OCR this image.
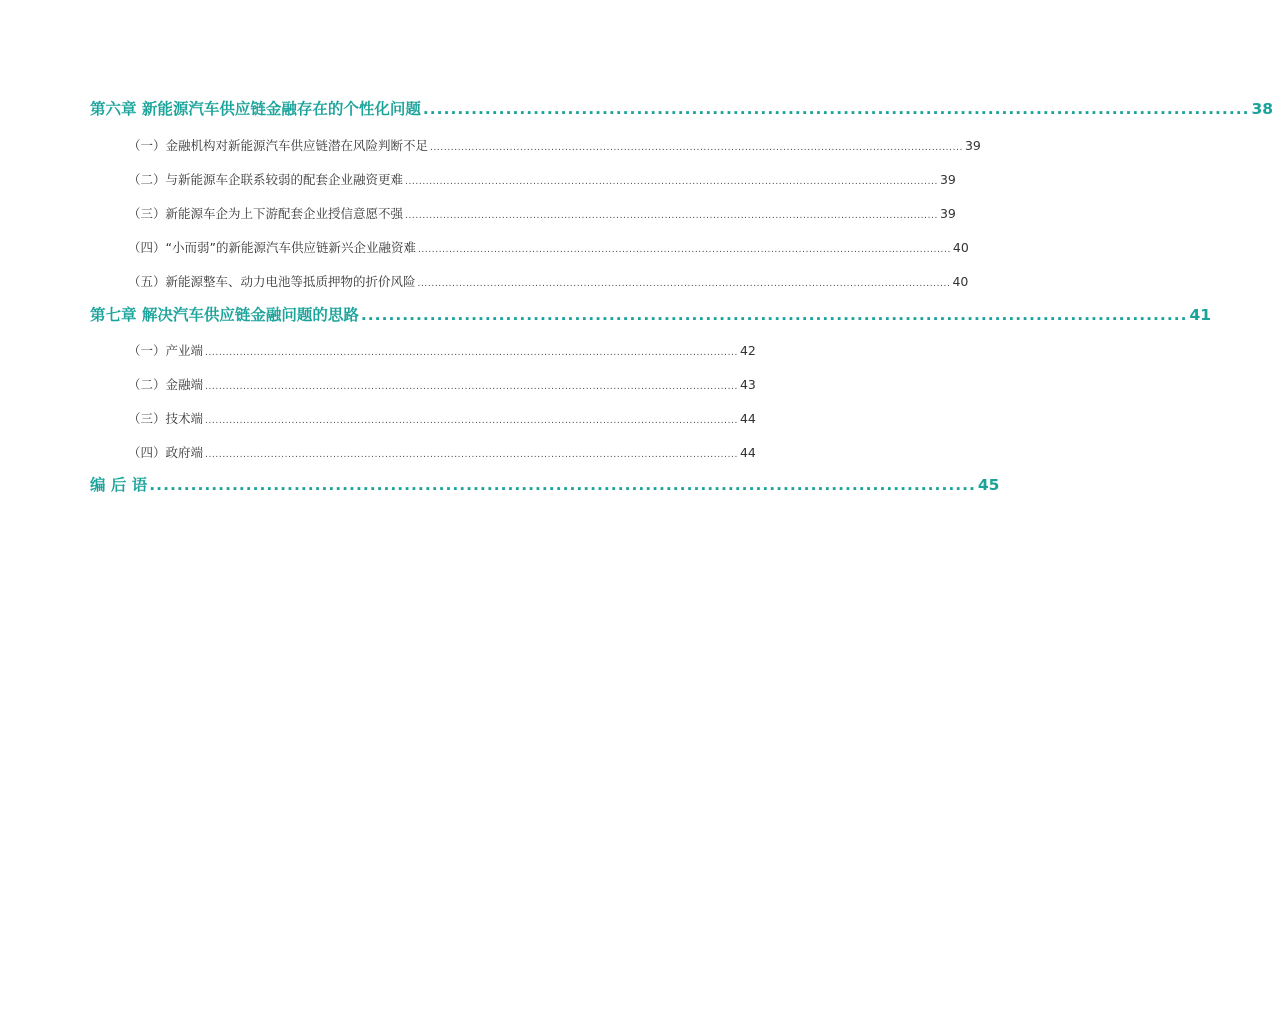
第六章 新能源汽车供应链金融存在的个性化问题 ........................................................................................................................ 38
（一）金融机构对新能源汽车供应链潜在风险判断不足 .......................................................................................................................................................... 39
（二）与新能源车企联系较弱的配套企业融资更难 .......................................................................................................................................................... 39
（三）新能源车企为上下游配套企业授信意愿不强 .......................................................................................................................................................... 39
（四）“小而弱”的新能源汽车供应链新兴企业融资难 .......................................................................................................................................................... 40
（五）新能源整车、动力电池等抵质押物的折价风险 .......................................................................................................................................................... 40
第七章 解决汽车供应链金融问题的思路 ........................................................................................................................ 41
（一）产业端 .......................................................................................................................................................... 42
（二）金融端 .......................................................................................................................................................... 43
（三）技术端 .......................................................................................................................................................... 44
（四）政府端 .......................................................................................................................................................... 44
编 后 语 ........................................................................................................................ 45
